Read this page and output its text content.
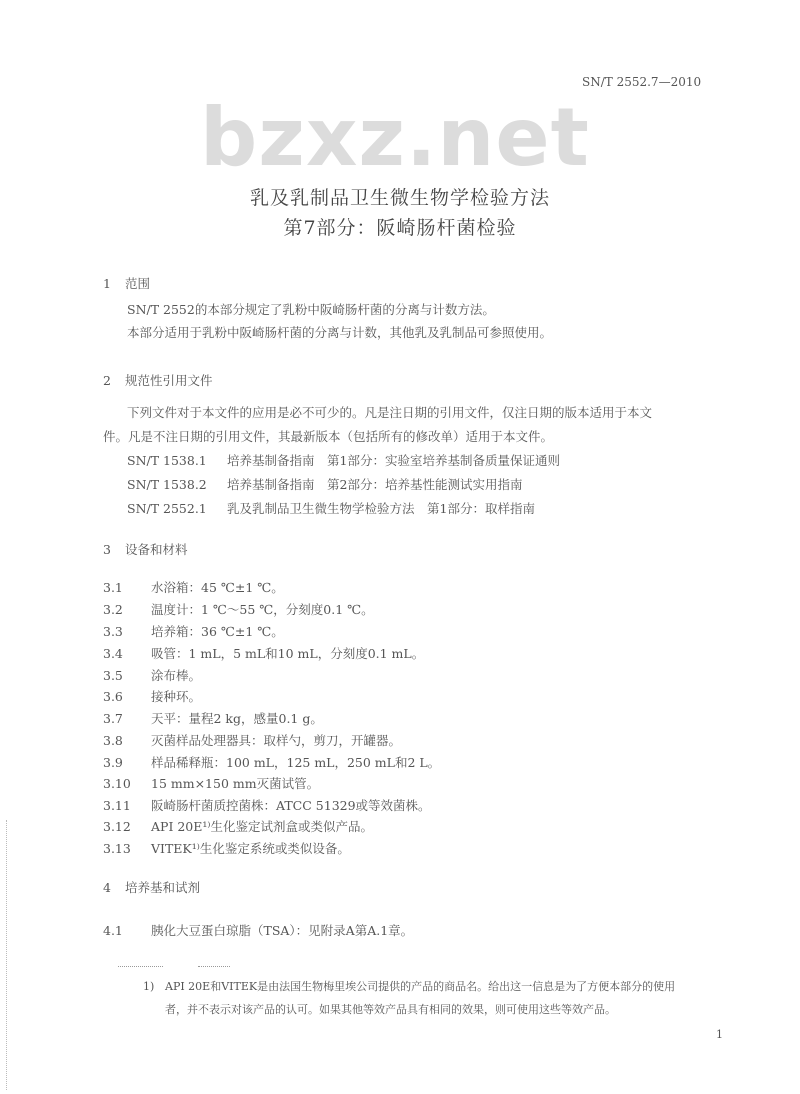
SN/T 2552.7—2010
bzxz.net
乳及乳制品卫生微生物学检验方法
第7部分：阪崎肠杆菌检验
1 范围
SN/T 2552的本部分规定了乳粉中阪崎肠杆菌的分离与计数方法。
本部分适用于乳粉中阪崎肠杆菌的分离与计数，其他乳及乳制品可参照使用。
2 规范性引用文件
下列文件对于本文件的应用是必不可少的。凡是注日期的引用文件，仅注日期的版本适用于本文
件。凡是不注日期的引用文件，其最新版本（包括所有的修改单）适用于本文件。
SN/T 1538.1 培养基制备指南　第1部分：实验室培养基制备质量保证通则
SN/T 1538.2 培养基制备指南　第2部分：培养基性能测试实用指南
SN/T 2552.1 乳及乳制品卫生微生物学检验方法　第1部分：取样指南
3 设备和材料
3.1 水浴箱：45 ℃±1 ℃。
3.2 温度计：1 ℃～55 ℃，分刻度0.1 ℃。
3.3 培养箱：36 ℃±1 ℃。
3.4 吸管：1 mL，5 mL和10 mL，分刻度0.1 mL。
3.5 涂布棒。
3.6 接种环。
3.7 天平：量程2 kg，感量0.1 g。
3.8 灭菌样品处理器具：取样勺，剪刀，开罐器。
3.9 样品稀释瓶：100 mL，125 mL，250 mL和2 L。
3.10 15 mm×150 mm灭菌试管。
3.11 阪崎肠杆菌质控菌株：ATCC 51329或等效菌株。
3.12 API 20E¹⁾生化鉴定试剂盒或类似产品。
3.13 VITEK¹⁾生化鉴定系统或类似设备。
4 培养基和试剂
4.1 胰化大豆蛋白琼脂（TSA）：见附录A第A.1章。
1) API 20E和VITEK是由法国生物梅里埃公司提供的产品的商品名。给出这一信息是为了方便本部分的使用
者，并不表示对该产品的认可。如果其他等效产品具有相同的效果，则可使用这些等效产品。
1
